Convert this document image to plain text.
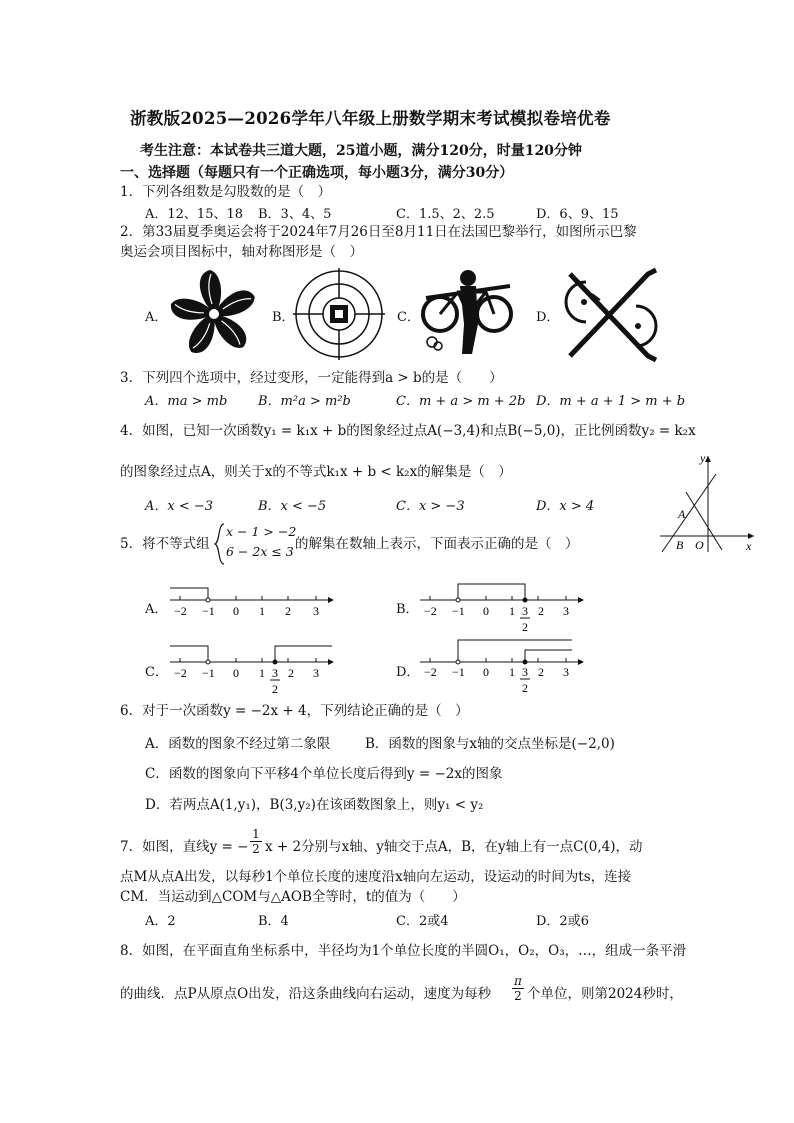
浙教版2025—2026学年八年级上册数学期末考试模拟卷培优卷
考生注意：本试卷共三道大题，25道小题，满分120分，时量120分钟
一、选择题（每题只有一个正确选项，每小题3分，满分30分）
1．下列各组数是勾股数的是（　）
A．12、15、18 B．3、4、5	C．1.5、2、2.5	D．6、9、15
2．第33届夏季奥运会将于2024年7月26日至8月11日在法国巴黎举行，如图所示巴黎
奥运会项目图标中，轴对称图形是（　）
A．	B．	C．	D．
3．下列四个选项中，经过变形，一定能得到a > b的是（　　）
A．ma > mb B．m²a > m²b	C．m + a > m + 2b D．m + a + 1 > m + b
4．如图，已知一次函数y₁ = k₁x + b的图象经过点A(−3,4)和点B(−5,0)，正比例函数y₂ = k₂x
的图象经过点A，则关于x的不等式k₁x + b < k₂x的解集是（　）
A．x < −3	B．x < −5	C．x > −3	D．x > 4
y
x
A
B O
5．将不等式组
x − 1 > −2
6 − 2x ≤ 3 的解集在数轴上表示，下面表示正确的是（　）
A． −2 −1 0 1 2 3	B． −2 −1 0 1 2 3
3
2
C． −2 −1 0 1 2 3
3
2
D． −2 −1 0 1 2 3
3
2
6．对于一次函数y = −2x + 4，下列结论正确的是（　）
A．函数的图象不经过第二象限	B．函数的图象与x轴的交点坐标是(−2,0)
C．函数的图象向下平移4个单位长度后得到y = −2x的图象
D．若两点A(1,y₁)，B(3,y₂)在该函数图象上，则y₁ < y₂
7．如图，直线y = − $\frac{1}{2}$ x + 2分别与x轴、y轴交于点A，B，在y轴上有一点C(0,4)，动
点M从点A出发，以每秒1个单位长度的速度沿x轴向左运动，设运动的时间为ts，连接
CM．当运动到△COM与△AOB全等时，t的值为（　　）
A．2	B．4	C．2或4	D．2或6
8．如图，在平面直角坐标系中，半径均为1个单位长度的半圆O₁，O₂，O₃，…，组成一条平滑
的曲线．点P从原点O出发，沿这条曲线向右运动，速度为每秒 $\frac{\pi}{2}$ 个单位，则第2024秒时，
